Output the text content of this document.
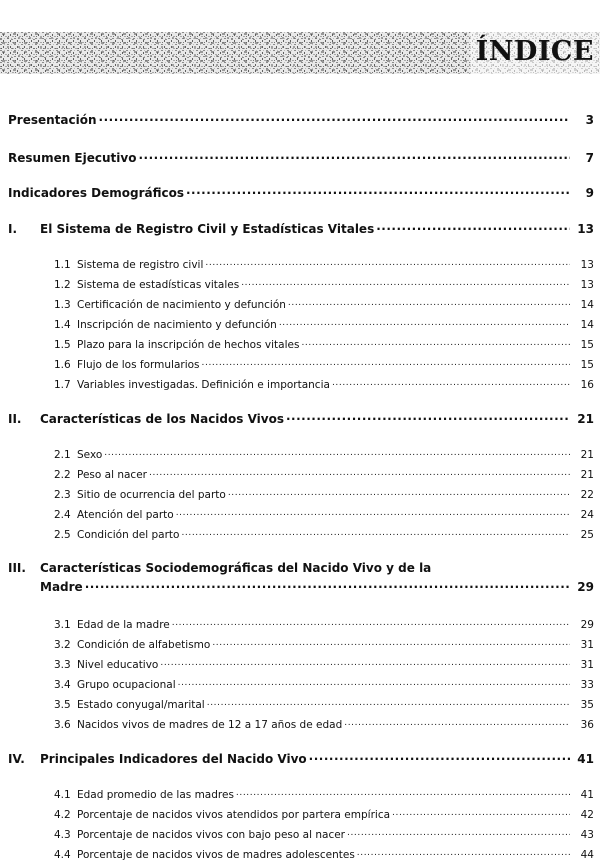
ÍNDICE
Presentación .....	3
Resumen Ejecutivo .....	7
Indicadores Demográficos .....	9
I.	El Sistema de Registro Civil y Estadísticas Vitales .....	13
1.1 Sistema de registro civil .....	13
1.2 Sistema de estadísticas vitales .....	13
1.3 Certificación de nacimiento y defunción .....	14
1.4 Inscripción de nacimiento y defunción .....	14
1.5 Plazo para la inscripción de hechos vitales .....	15
1.6 Flujo de los formularios .....	15
1.7 Variables investigadas. Definición e importancia .....	16
II.	Características de los Nacidos Vivos .....	21
2.1 Sexo .....	21
2.2 Peso al nacer .....	21
2.3 Sitio de ocurrencia del parto .....	22
2.4 Atención del parto .....	24
2.5 Condición del parto .....	25
III.	Características Sociodemográficas del Nacido Vivo y de la
Madre .....	29
3.1 Edad de la madre .....	29
3.2 Condición de alfabetismo .....	31
3.3 Nivel educativo .....	31
3.4 Grupo ocupacional .....	33
3.5 Estado conyugal/marital .....	35
3.6 Nacidos vivos de madres de 12 a 17 años de edad .....	36
IV.	Principales Indicadores del Nacido Vivo .....	41
4.1 Edad promedio de las madres .....	41
4.2 Porcentaje de nacidos vivos atendidos por partera empírica .....	42
4.3 Porcentaje de nacidos vivos con bajo peso al nacer .....	43
4.4 Porcentaje de nacidos vivos de madres adolescentes .....	44
